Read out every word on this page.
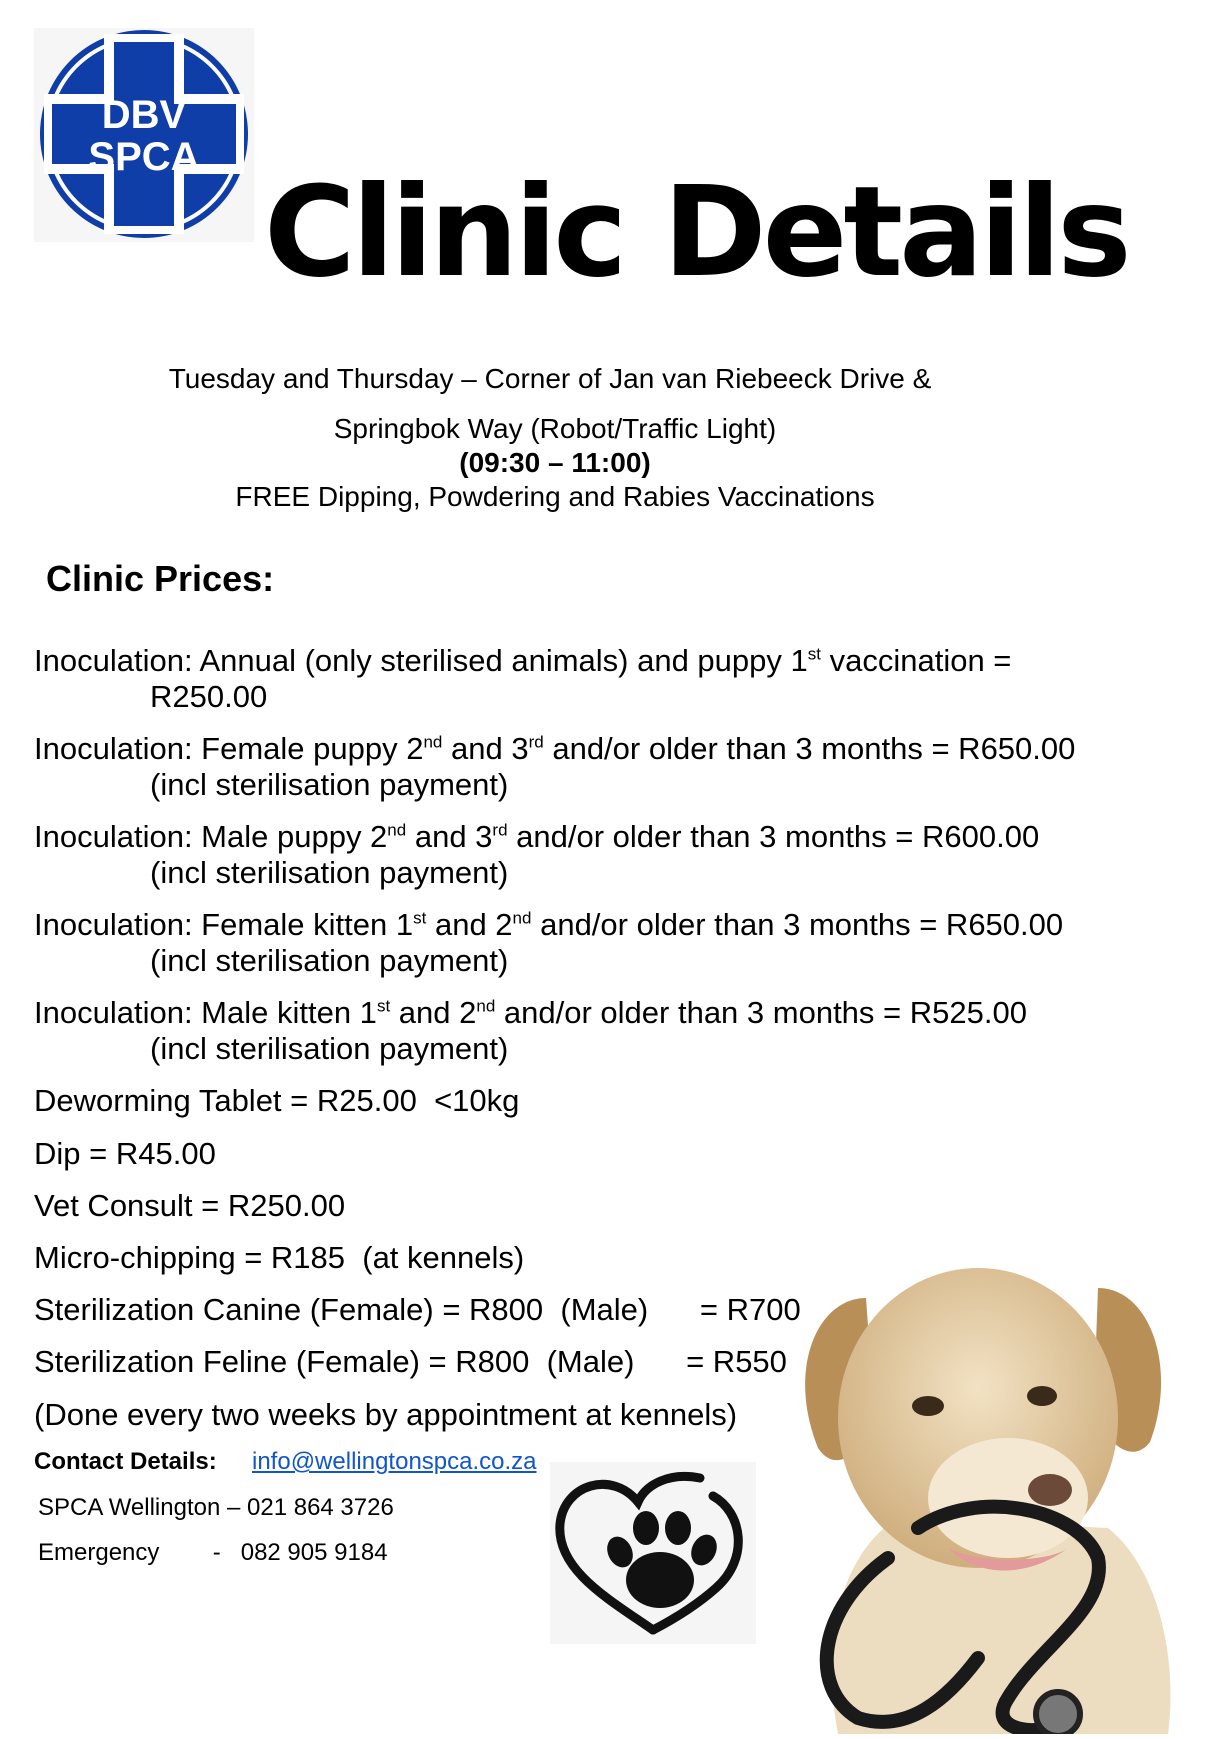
DBV
SPCA
Clinic Details
Tuesday and Thursday – Corner of Jan van Riebeeck Drive &
Springbok Way (Robot/Traffic Light)
(09:30 – 11:00)
FREE Dipping, Powdering and Rabies Vaccinations
Clinic Prices:
Inoculation: Annual (only sterilised animals) and puppy 1st vaccination =
R250.00
Inoculation: Female puppy 2nd and 3rd and/or older than 3 months = R650.00
(incl sterilisation payment)
Inoculation: Male puppy 2nd and 3rd and/or older than 3 months = R600.00
(incl sterilisation payment)
Inoculation: Female kitten 1st and 2nd and/or older than 3 months = R650.00
(incl sterilisation payment)
Inoculation: Male kitten 1st and 2nd and/or older than 3 months = R525.00
(incl sterilisation payment)
Deworming Tablet = R25.00  <10kg
Dip = R45.00
Vet Consult = R250.00
Micro-chipping = R185  (at kennels)
Sterilization Canine (Female) = R800  (Male)      = R700
Sterilization Feline (Female) = R800  (Male)      = R550
(Done every two weeks by appointment at kennels)
Contact Details: info@wellingtonspca.co.za
SPCA Wellington – 021 864 3726
Emergency        -   082 905 9184
